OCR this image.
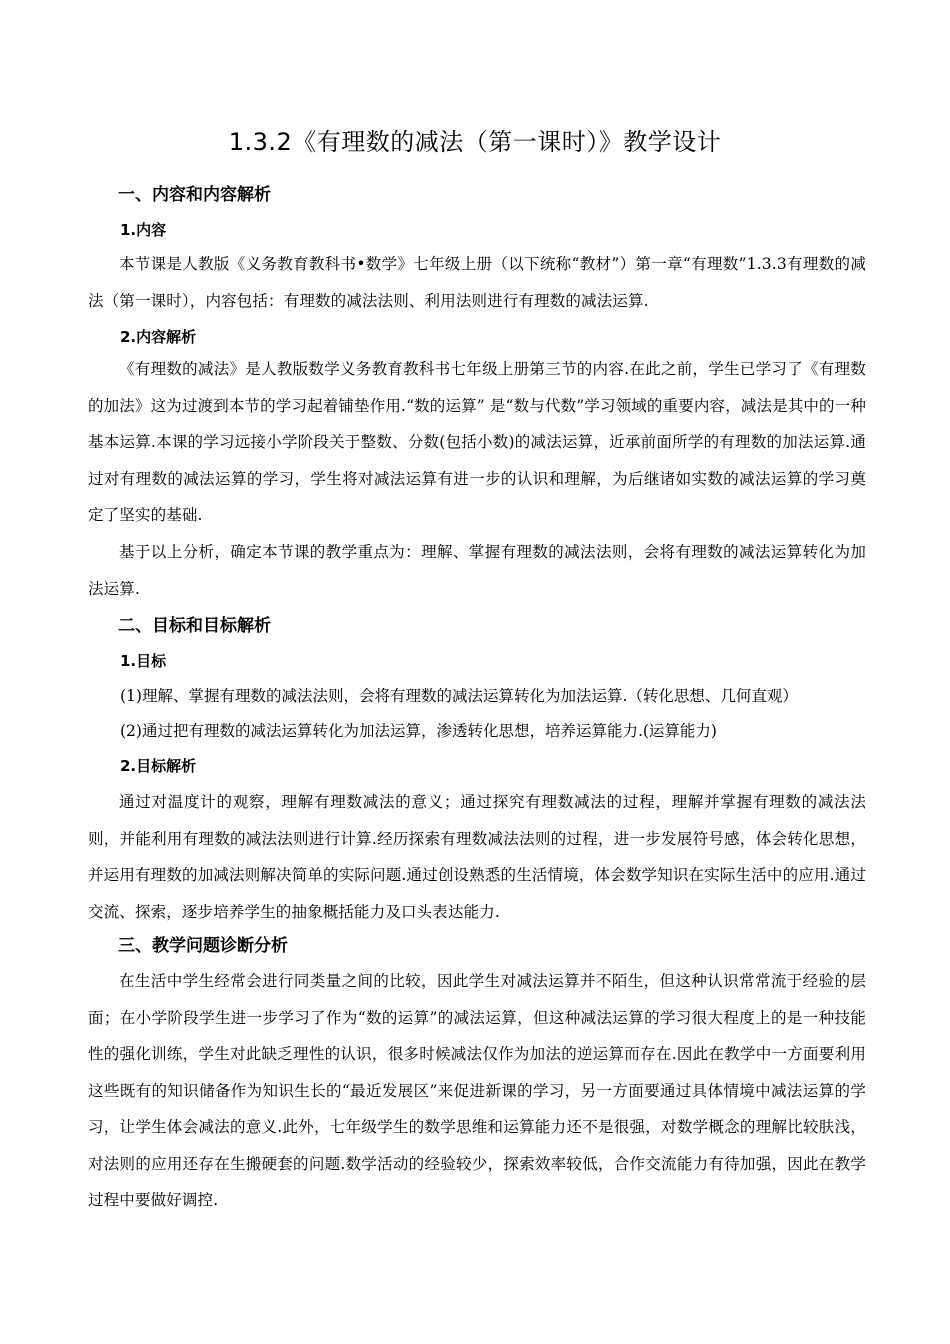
1.3.2《有理数的减法（第一课时）》教学设计
一、内容和内容解析
1.内容
本节课是人教版《义务教育教科书•数学》七年级上册（以下统称“教材”）第一章“有理数”1.3.3有理数的减法（第一课时），内容包括：有理数的减法法则、利用法则进行有理数的减法运算.
2.内容解析
《有理数的减法》是人教版数学义务教育教科书七年级上册第三节的内容.在此之前，学生已学习了《有理数的加法》这为过渡到本节的学习起着铺垫作用.“数的运算” 是“数与代数”学习领域的重要内容，减法是其中的一种基本运算.本课的学习远接小学阶段关于整数、分数(包括小数)的减法运算，近承前面所学的有理数的加法运算.通过对有理数的减法运算的学习，学生将对减法运算有进一步的认识和理解，为后继诸如实数的减法运算的学习奠定了坚实的基础.
基于以上分析，确定本节课的教学重点为：理解、掌握有理数的减法法则，会将有理数的减法运算转化为加法运算.
二、目标和目标解析
1.目标
(1)理解、掌握有理数的减法法则，会将有理数的减法运算转化为加法运算.（转化思想、几何直观）
(2)通过把有理数的减法运算转化为加法运算，渗透转化思想，培养运算能力.(运算能力)
2.目标解析
通过对温度计的观察，理解有理数减法的意义；通过探究有理数减法的过程，理解并掌握有理数的减法法则，并能利用有理数的减法法则进行计算.经历探索有理数减法法则的过程，进一步发展符号感，体会转化思想，并运用有理数的加减法则解决简单的实际问题.通过创设熟悉的生活情境，体会数学知识在实际生活中的应用.通过交流、探索，逐步培养学生的抽象概括能力及口头表达能力.
三、教学问题诊断分析
在生活中学生经常会进行同类量之间的比较，因此学生对减法运算并不陌生，但这种认识常常流于经验的层面；在小学阶段学生进一步学习了作为“数的运算”的减法运算，但这种减法运算的学习很大程度上的是一种技能性的强化训练，学生对此缺乏理性的认识，很多时候减法仅作为加法的逆运算而存在.因此在教学中一方面要利用这些既有的知识储备作为知识生长的“最近发展区”来促进新课的学习，另一方面要通过具体情境中减法运算的学习，让学生体会减法的意义.此外，七年级学生的数学思维和运算能力还不是很强，对数学概念的理解比较肤浅，对法则的应用还存在生搬硬套的问题.数学活动的经验较少，探索效率较低，合作交流能力有待加强，因此在教学过程中要做好调控.
